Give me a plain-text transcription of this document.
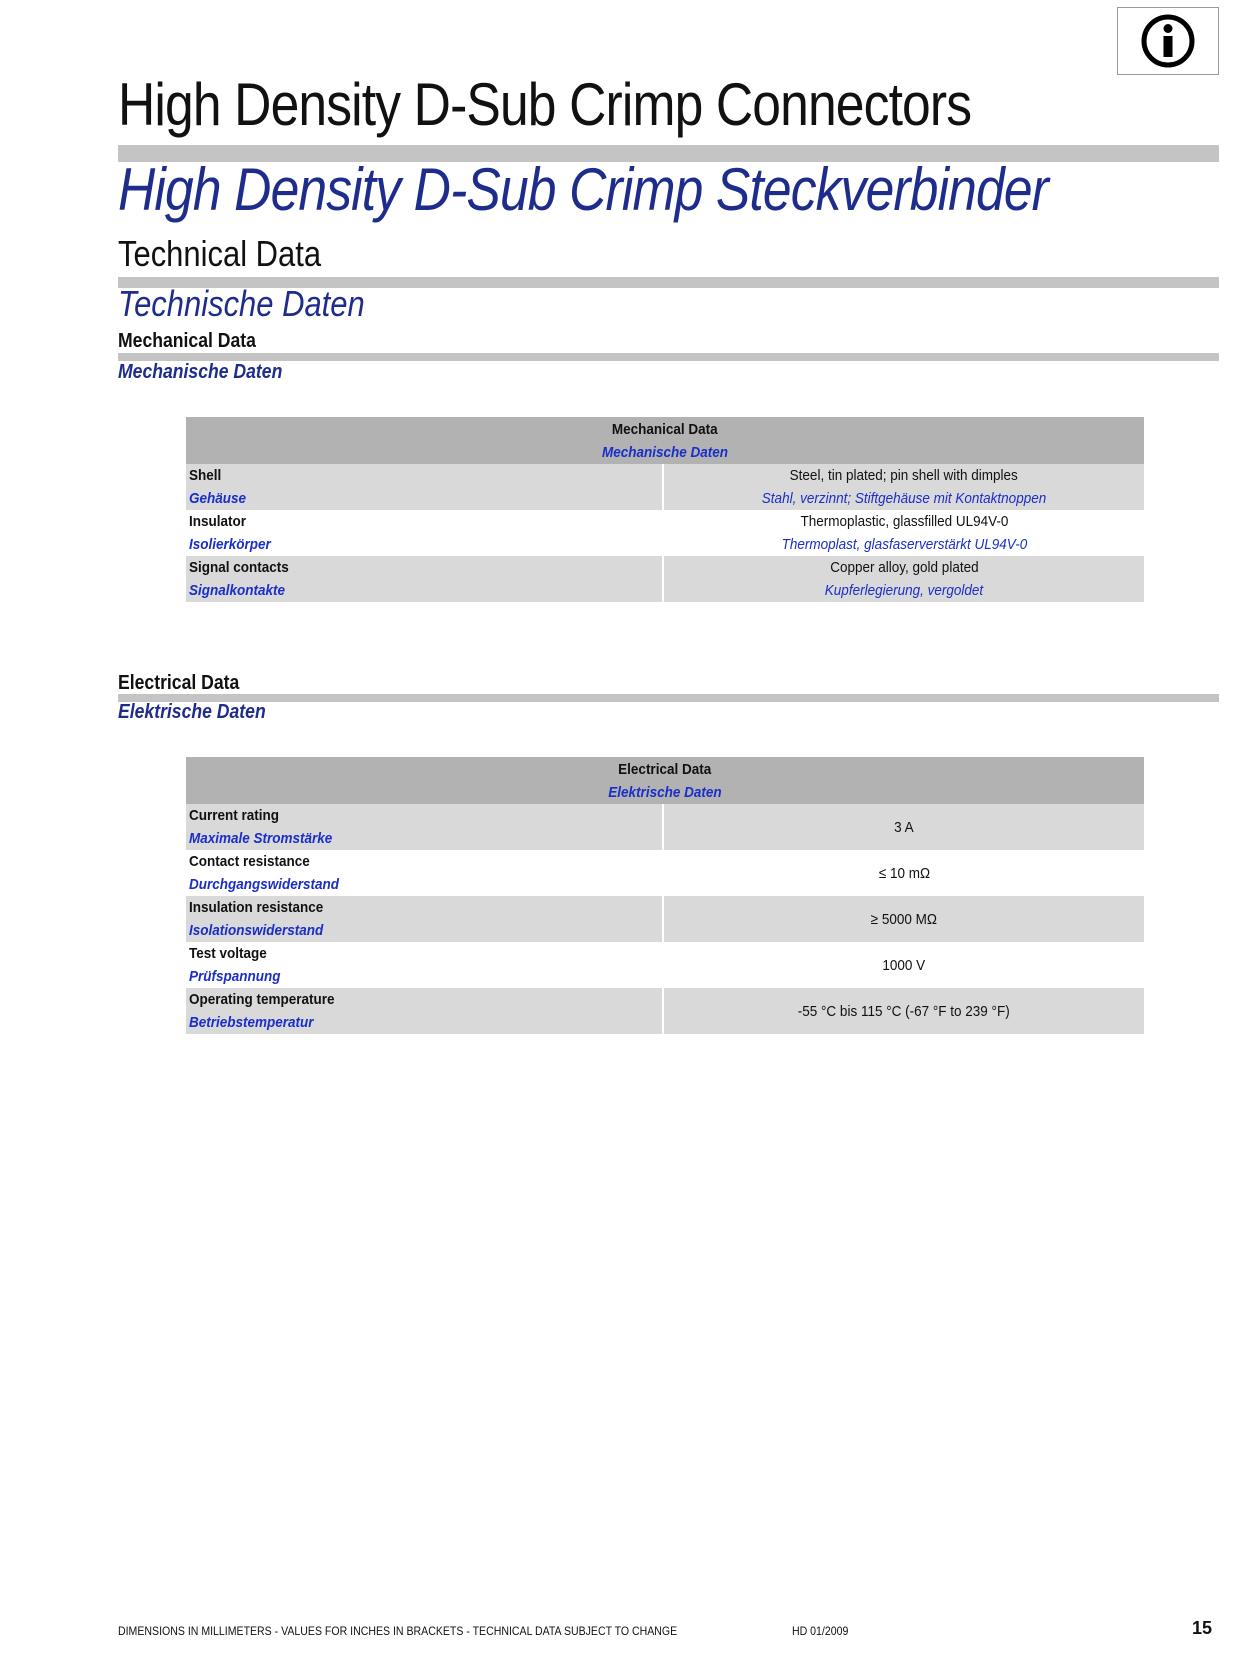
High Density D-Sub Crimp Connectors
High Density D-Sub Crimp Steckverbinder
Technical Data
Technische Daten
Mechanical Data
Mechanische Daten
Mechanical Data
Mechanische Daten	
Shell
Gehäuse	Steel, tin plated; pin shell with dimples
Stahl, verzinnt; Stiftgehäuse mit Kontaktnoppen
Insulator
Isolierkörper	Thermoplastic, glassfilled UL94V-0
Thermoplast, glasfaserverstärkt UL94V-0
Signal contacts
Signalkontakte	Copper alloy, gold plated
Kupferlegierung, vergoldet
Electrical Data
Elektrische Daten
Electrical Data
Elektrische Daten	
Current rating
Maximale Stromstärke	3 A
Contact resistance
Durchgangswiderstand	≤ 10 mΩ
Insulation resistance
Isolationswiderstand	≥ 5000 MΩ
Test voltage
Prüfspannung	1000 V
Operating temperature
Betriebstemperatur	-55 °C bis 115 °C (-67 °F to 239 °F)
DIMENSIONS IN MILLIMETERS - VALUES FOR INCHES IN BRACKETS - TECHNICAL DATA SUBJECT TO CHANGE	HD 01/2009	15
